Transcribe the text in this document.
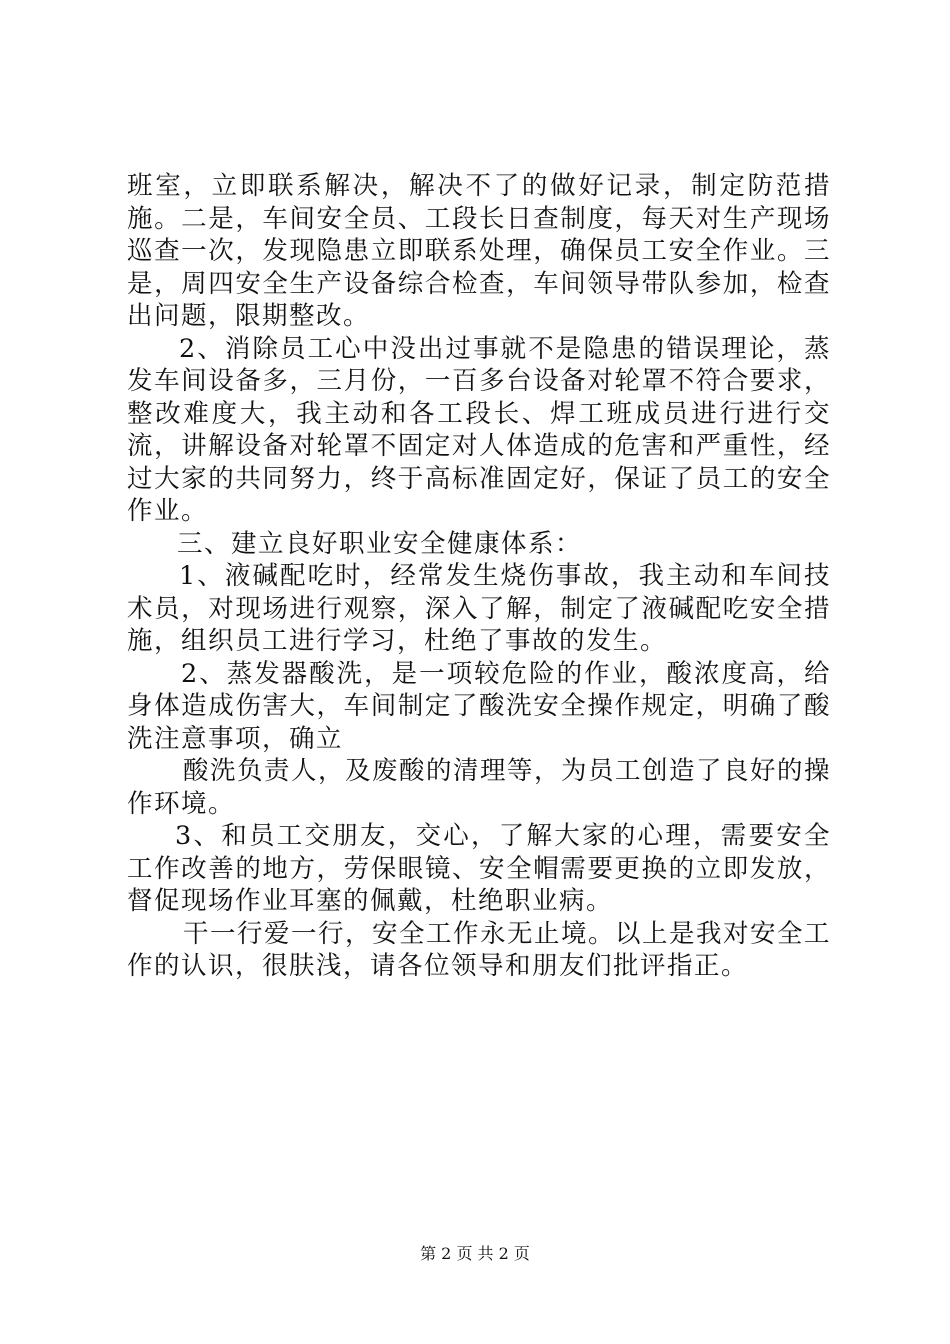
班室，立即联系解决，解决不了的做好记录，制定防范措施。二是，车间安全员、工段长日查制度，每天对生产现场巡查一次，发现隐患立即联系处理，确保员工安全作业。三是，周四安全生产设备综合检查，车间领导带队参加，检查出问题，限期整改。

2、消除员工心中没出过事就不是隐患的错误理论，蒸发车间设备多，三月份，一百多台设备对轮罩不符合要求，整改难度大，我主动和各工段长、焊工班成员进行进行交流，讲解设备对轮罩不固定对人体造成的危害和严重性，经过大家的共同努力，终于高标准固定好，保证了员工的安全作业。

三、建立良好职业安全健康体系：

1、液碱配吃时，经常发生烧伤事故，我主动和车间技术员，对现场进行观察，深入了解，制定了液碱配吃安全措施，组织员工进行学习，杜绝了事故的发生。

2、蒸发器酸洗，是一项较危险的作业，酸浓度高，给身体造成伤害大，车间制定了酸洗安全操作规定，明确了酸洗注意事项，确立

酸洗负责人，及废酸的清理等，为员工创造了良好的操作环境。

3、和员工交朋友，交心，了解大家的心理，需要安全工作改善的地方，劳保眼镜、安全帽需要更换的立即发放，督促现场作业耳塞的佩戴，杜绝职业病。

干一行爱一行，安全工作永无止境。以上是我对安全工作的认识，很肤浅，请各位领导和朋友们批评指正。

第 2 页 共 2 页
